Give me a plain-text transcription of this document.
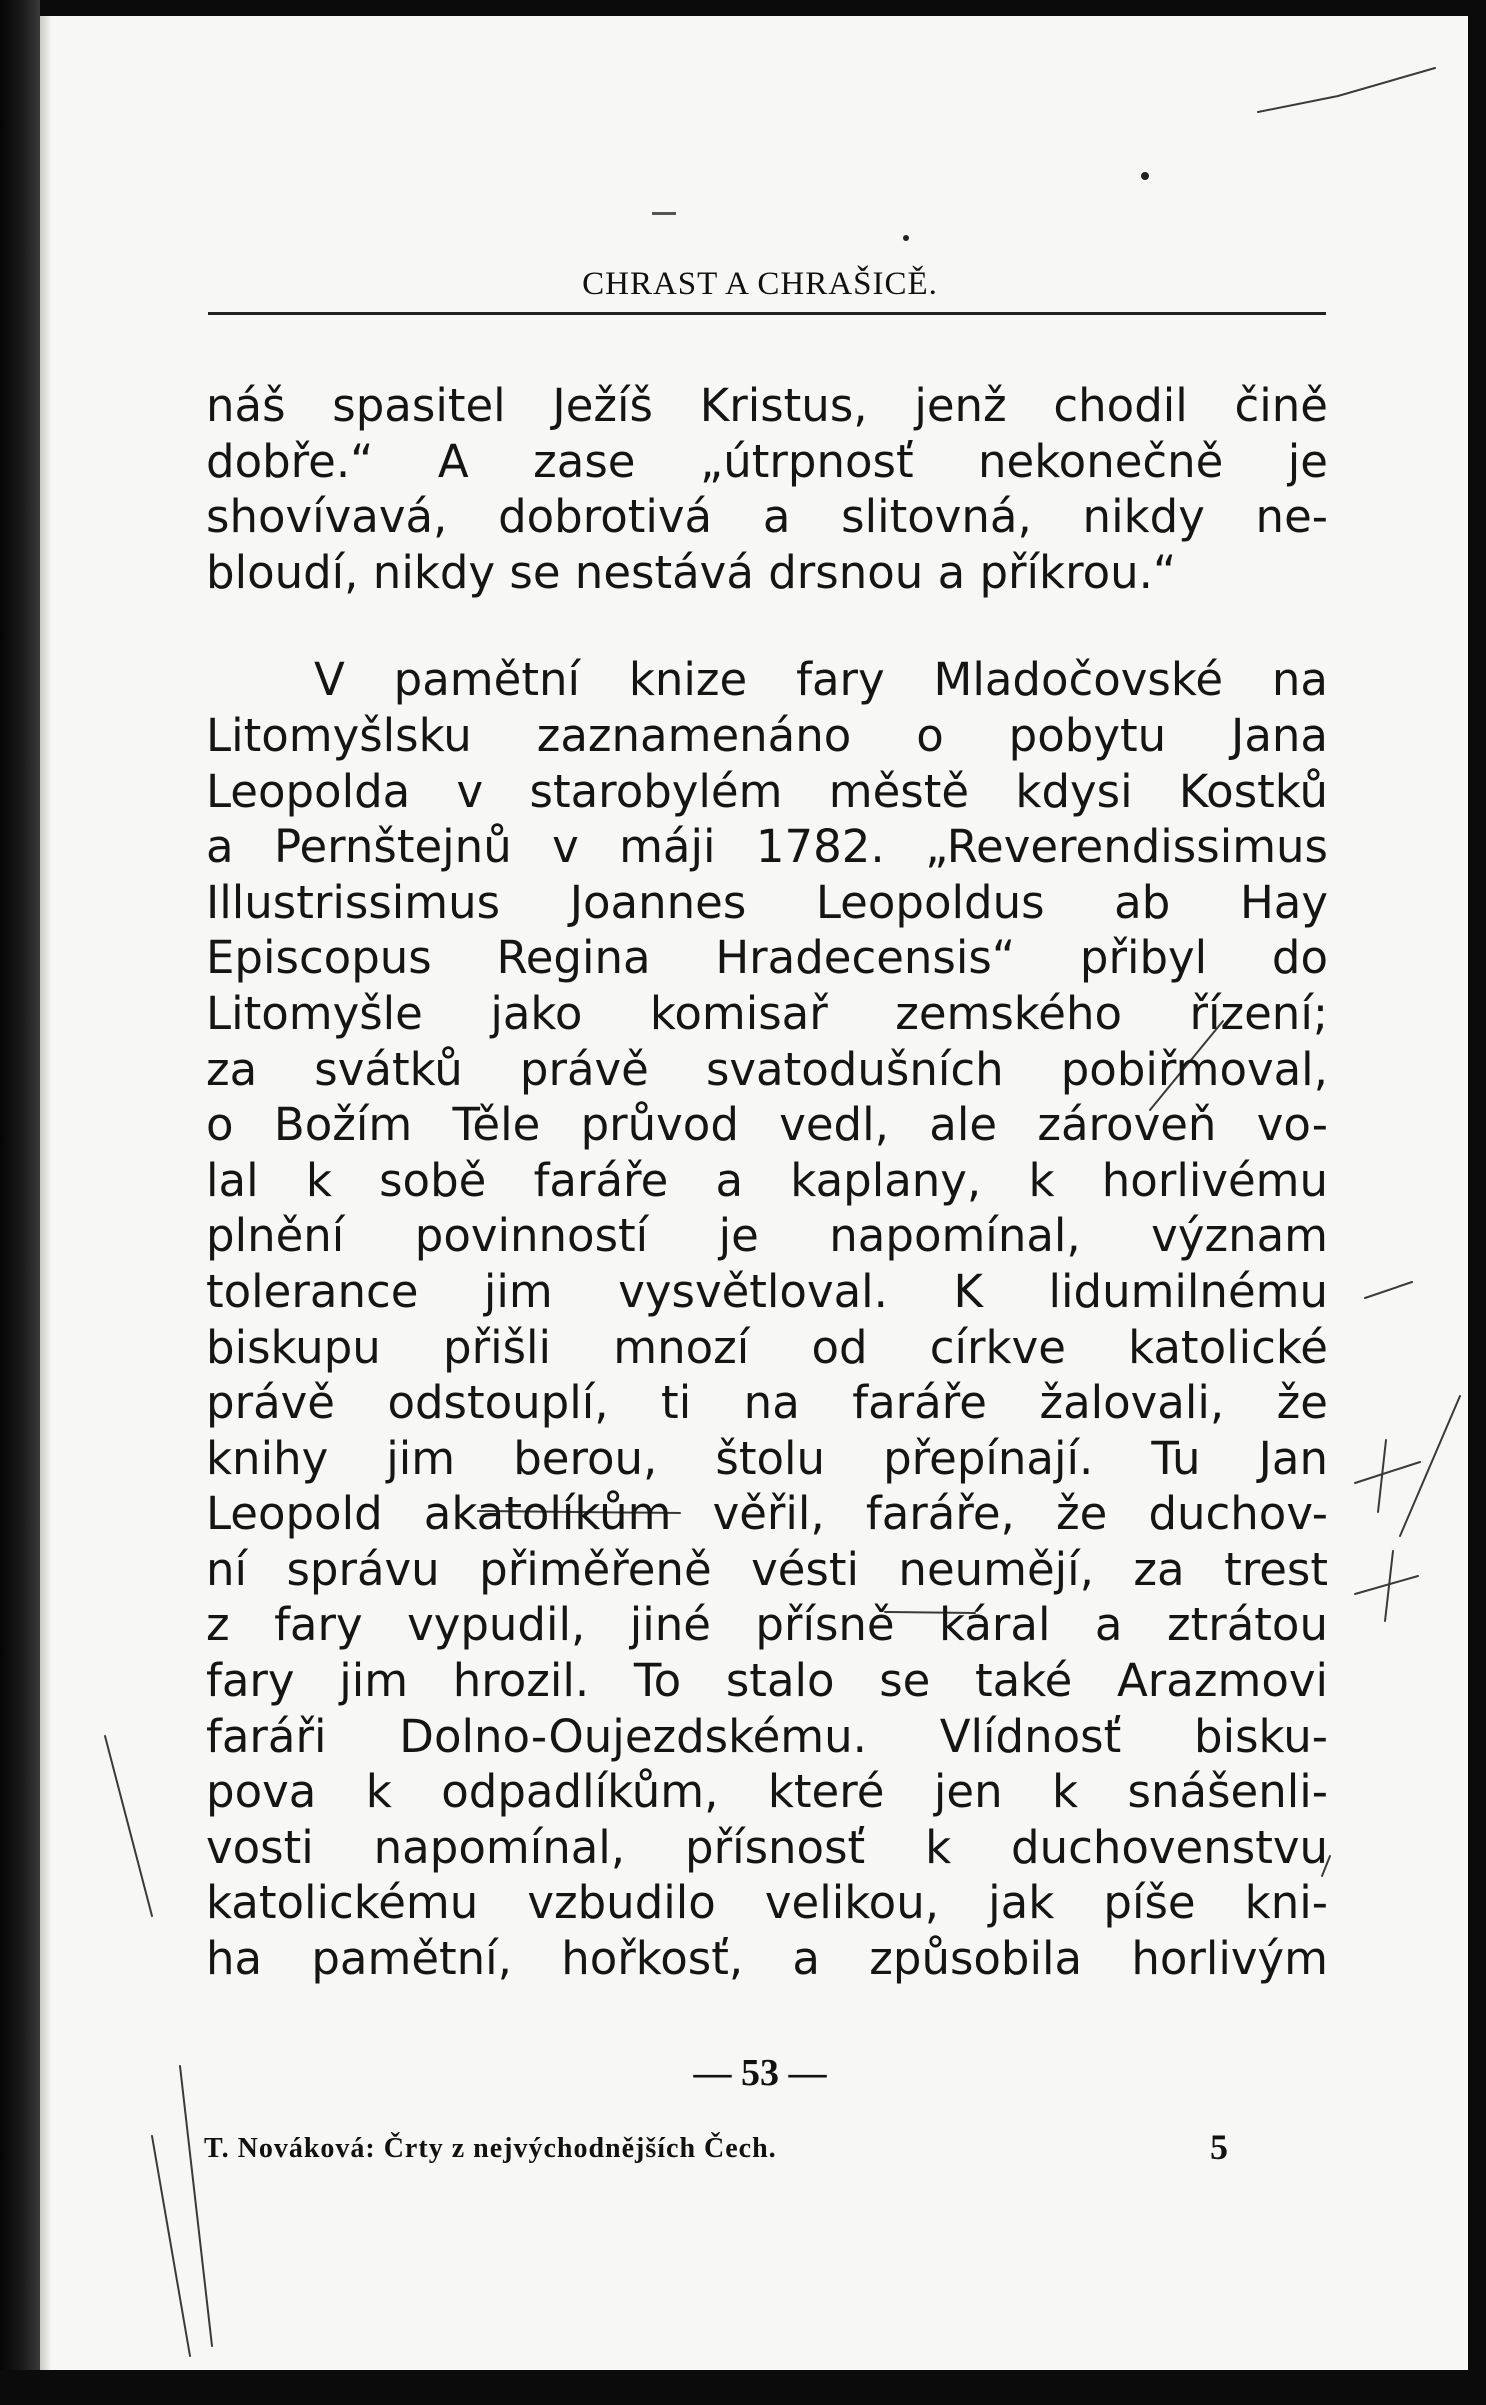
CHRAST A CHRAŠICĚ.
náš spasitel Ježíš Kristus, jenž chodil čině
dobře.“ A zase „útrpnosť nekonečně je
shovívavá, dobrotivá a slitovná, nikdy ne-
bloudí, nikdy se nestává drsnou a příkrou.“
V pamětní knize fary Mladočovské na
Litomyšlsku zaznamenáno o pobytu Jana
Leopolda v starobylém městě kdysi Kostků
a Pernštejnů v máji 1782. „Reverendissimus
Illustrissimus Joannes Leopoldus ab Hay
Episcopus Regina Hradecensis“ přibyl do
Litomyšle jako komisař zemského řízení;
za svátků právě svatodušních pobiřmoval,
o Božím Těle průvod vedl, ale zároveň vo-
lal k sobě faráře a kaplany, k horlivému
plnění povinností je napomínal, význam
tolerance jim vysvětloval. K lidumilnému
biskupu přišli mnozí od církve katolické
právě odstouplí, ti na faráře žalovali, že
knihy jim berou, štolu přepínají. Tu Jan
Leopold akatolíkům věřil, faráře, že duchov-
ní správu přiměřeně vésti neumějí, za trest
z fary vypudil, jiné přísně káral a ztrátou
fary jim hrozil. To stalo se také Arazmovi
faráři Dolno-Oujezdskému. Vlídnosť bisku-
pova k odpadlíkům, které jen k snášenli-
vosti napomínal, přísnosť k duchovenstvu
katolickému vzbudilo velikou, jak píše kni-
ha pamětní, hořkosť, a způsobila horlivým
— 53 —
T. Nováková: Črty z nejvýchodnějších Čech.	5
